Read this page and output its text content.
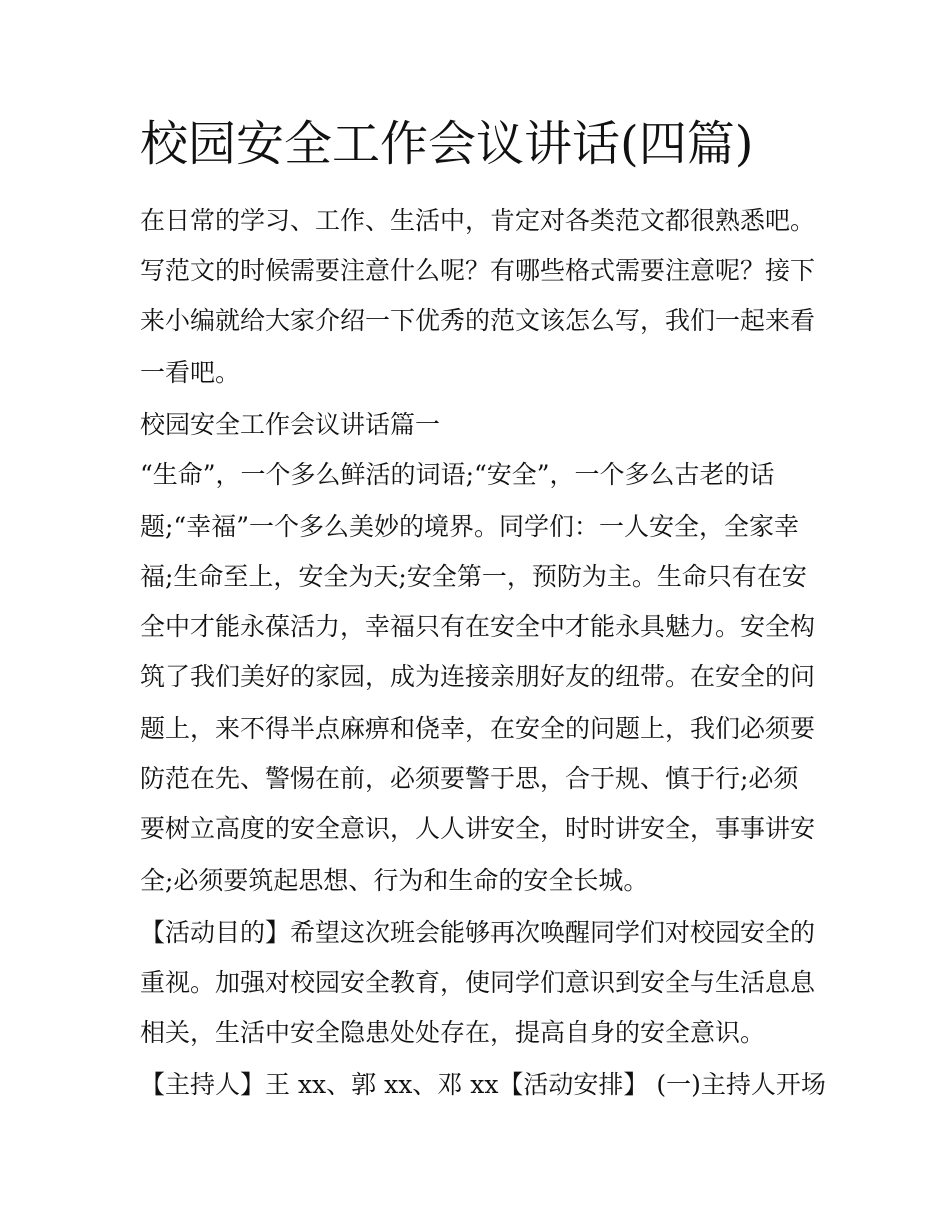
校园安全工作会议讲话(四篇)
在日常的学习、工作、生活中，肯定对各类范文都很熟悉吧。
写范文的时候需要注意什么呢？有哪些格式需要注意呢？接下
来小编就给大家介绍一下优秀的范文该怎么写，我们一起来看
一看吧。
校园安全工作会议讲话篇一
“生命”，一个多么鲜活的词语;“安全”，一个多么古老的话
题;“幸福”一个多么美妙的境界。同学们：一人安全，全家幸
福;生命至上，安全为天;安全第一，预防为主。生命只有在安
全中才能永葆活力，幸福只有在安全中才能永具魅力。安全构
筑了我们美好的家园，成为连接亲朋好友的纽带。在安全的问
题上，来不得半点麻痹和侥幸，在安全的问题上，我们必须要
防范在先、警惕在前，必须要警于思，合于规、慎于行;必须
要树立高度的安全意识，人人讲安全，时时讲安全，事事讲安
全;必须要筑起思想、行为和生命的安全长城。
【活动目的】希望这次班会能够再次唤醒同学们对校园安全的
重视。加强对校园安全教育，使同学们意识到安全与生活息息
相关，生活中安全隐患处处存在，提高自身的安全意识。
【主持人】王 xx、郭 xx、邓 xx【活动安排】 (一)主持人开场
